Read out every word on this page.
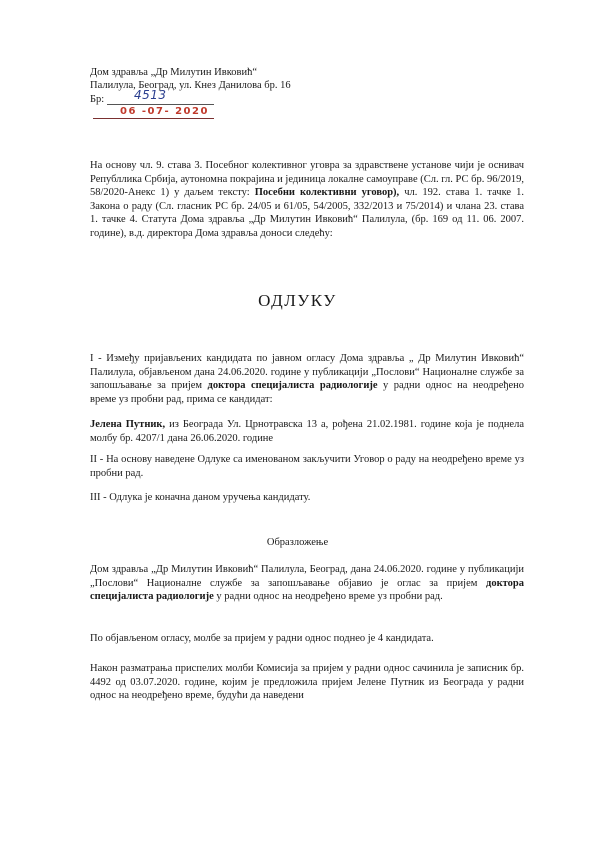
Дом здравља „Др Милутин Ивковић“
Палилула, Београд, ул. Кнез Данилова бр. 16
Бр: 4513
06 -07- 2020
На основу чл. 9. става 3. Посебног колективног уговра за здравствене установе чији је оснивач Републлика Србија, аутономна покрајина и јединица локалне самоуправе (Сл. гл. РС бр. 96/2019, 58/2020-Анекс 1) у даљем тексту: Посебни колективни уговор), чл. 192. става 1. тачке 1. Закона о раду (Сл. гласник РС бр. 24/05 и 61/05, 54/2005, 332/2013 и 75/2014) и члана 23. става 1. тачке 4. Статута Дома здравља „Др Милутин Ивковић“ Палилула, (бр. 169 од 11. 06. 2007. године), в.д. директора Дома здравља доноси следећу:
ОДЛУКУ
I - Између пријављених кандидата по јавном огласу Дома здравља „ Др Милутин Ивковић“ Палилула, објављеном дана 24.06.2020. године у публикацији „Послови“ Националне службе за запошљавање за пријем доктора специјалиста радиологије у радни однос на неодређено време уз пробни рад, прима се кандидат:
Јелена Путник, из Београда Ул. Црнотравска 13 а, рођена 21.02.1981. године која је поднела молбу бр. 4207/1 дана 26.06.2020. године
II - На основу наведене Одлуке са именованом закључити Уговор о раду на неодређено време уз пробни рад.
III - Одлука је коначна даном уручења кандидату.
Образложење
Дом здравља „Др Милутин Ивковић“ Палилула, Београд, дана 24.06.2020. године у публикацији „Послови“ Националне службе за запошљавање објавио је оглас за пријем доктора специјалиста радиологије у радни однос на неодређено време уз пробни рад.
По објављеном огласу, молбе за пријем у радни однос поднео је 4 кандидата.
Након разматрања приспелих молби Комисија за пријем у радни однос сачинила је записник бр. 4492 од 03.07.2020. године, којим је предложила пријем Јелене Путник из Београда у радни однос на неодређено време, будући да наведени
